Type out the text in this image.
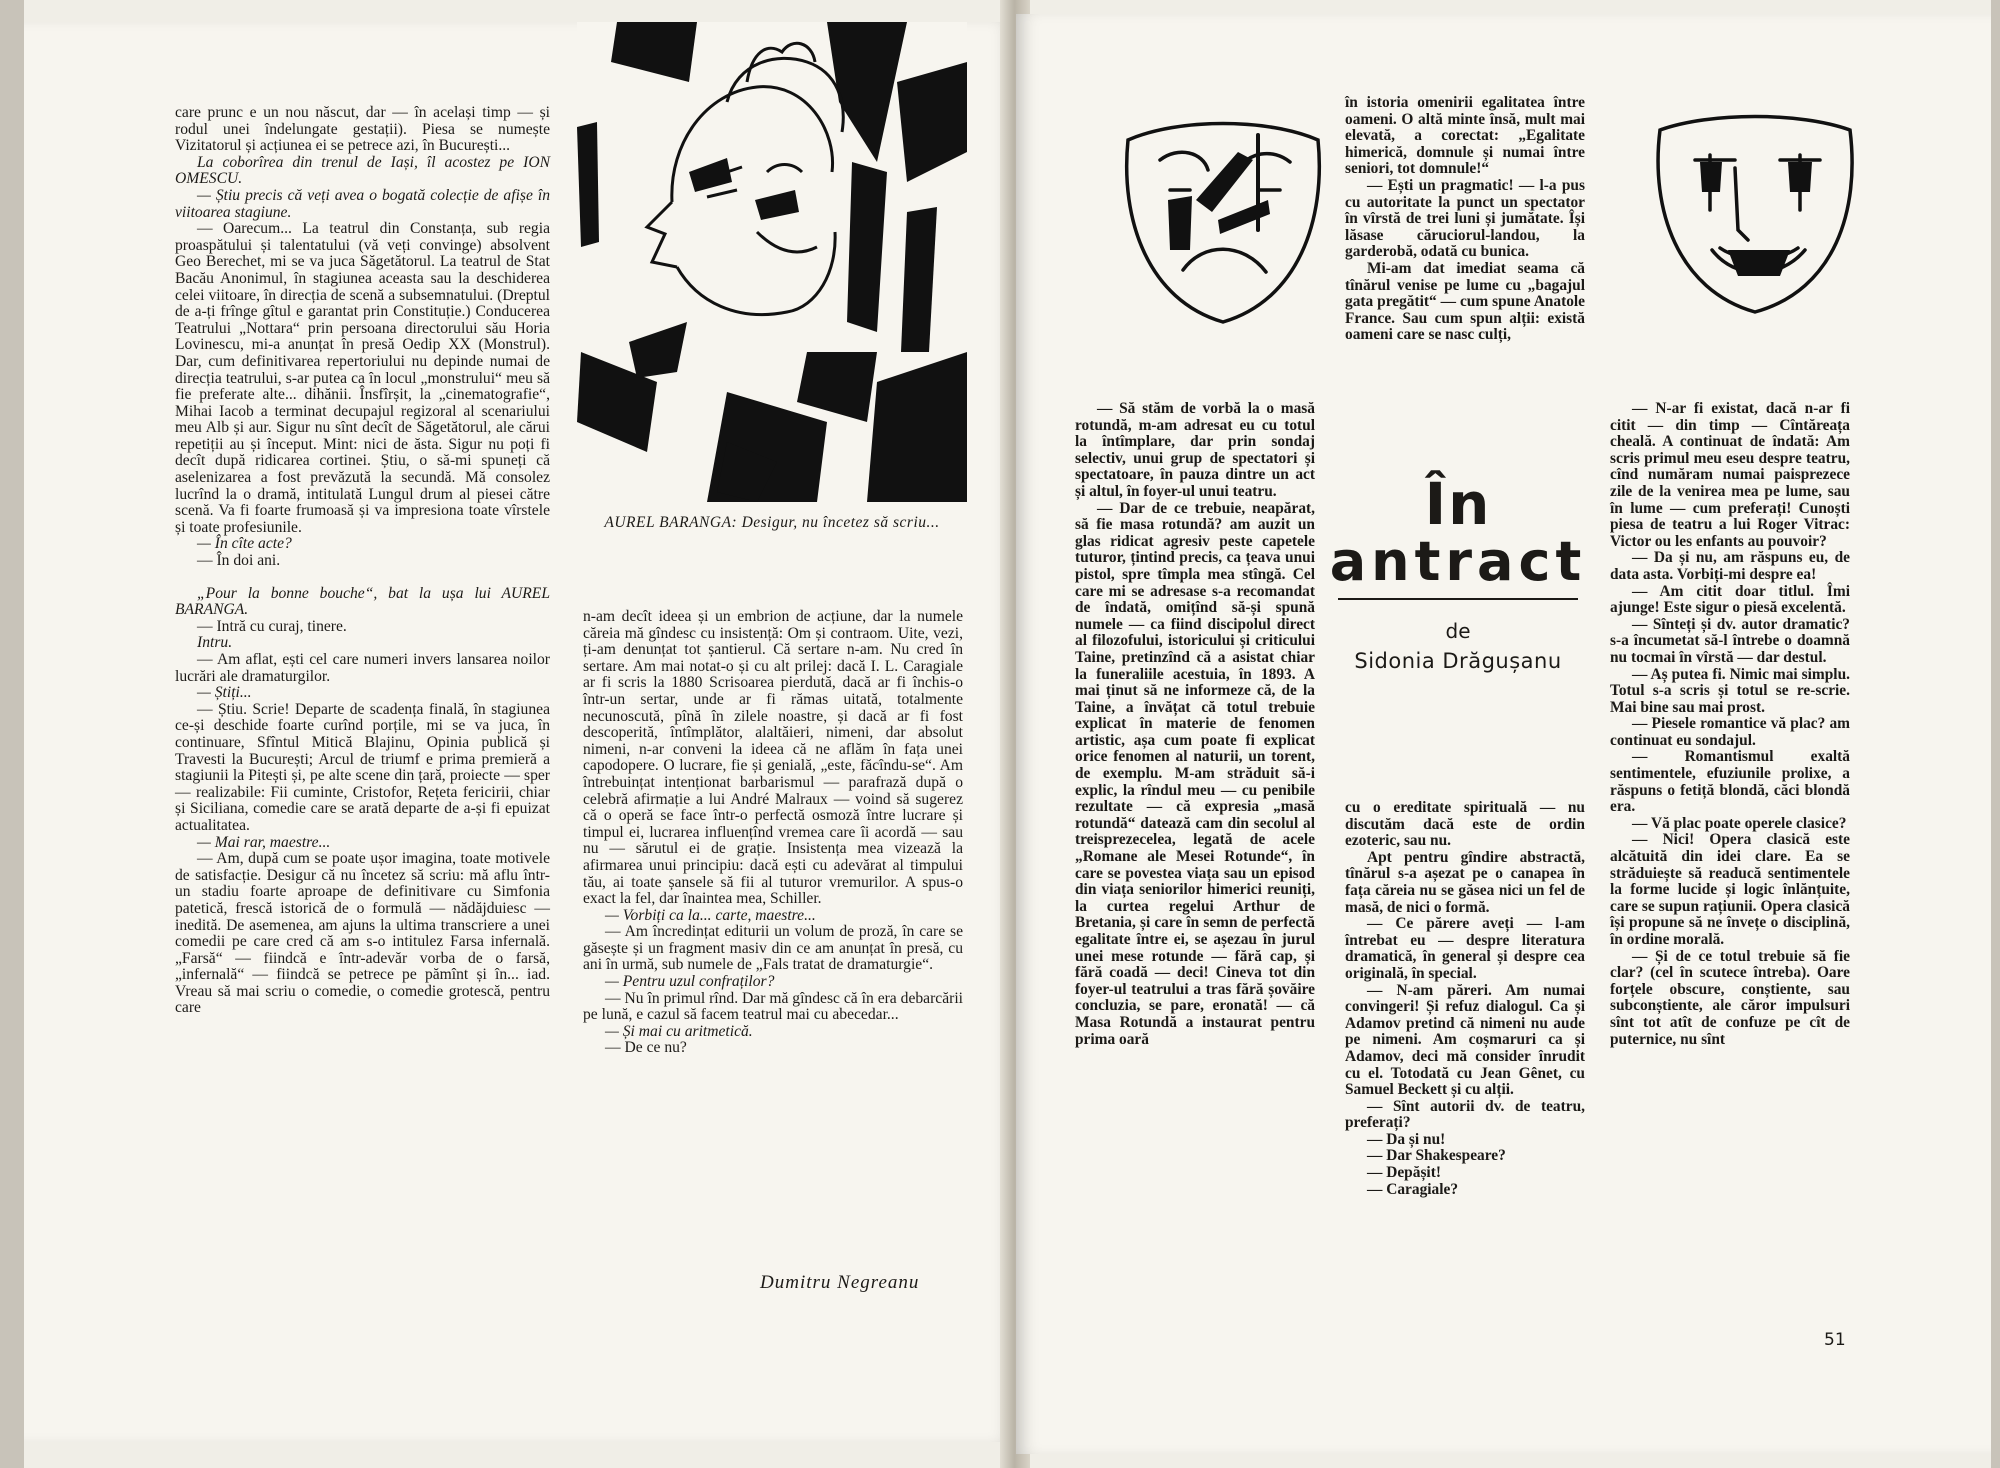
care prunc e un nou născut, dar — în același timp — și rodul unei îndelungate gestații). Piesa se numește Vizitatorul și acțiunea ei se petrece azi, în București...

La coborîrea din trenul de Iași, îl acostez pe ION OMESCU.

— Știu precis că veți avea o bogată colecție de afișe în viitoarea stagiune.

— Oarecum... La teatrul din Constanța, sub regia proaspătului și talentatului (vă veți convinge) absolvent Geo Berechet, mi se va juca Săgetătorul. La teatrul de Stat Bacău Anonimul, în stagiunea aceasta sau la deschiderea celei viitoare, în direcția de scenă a subsemnatului. (Dreptul de a-ți frînge gîtul e garantat prin Constituție.) Conducerea Teatrului „Nottara“ prin persoana directorului său Horia Lovinescu, mi-a anunțat în presă Oedip XX (Monstrul). Dar, cum definitivarea repertoriului nu depinde numai de direcția teatrului, s-ar putea ca în locul „monstrului“ meu să fie preferate alte... dihănii. Însfîrșit, la „cinematografie“, Mihai Iacob a terminat decupajul regizoral al scenariului meu Alb și aur. Sigur nu sînt decît de Săgetătorul, ale cărui repetiții au și început. Mint: nici de ăsta. Sigur nu poți fi decît după ridicarea cortinei. Știu, o să-mi spuneți că aselenizarea a fost prevăzută la secundă. Mă consolez lucrînd la o dramă, intitulată Lungul drum al piesei către scenă. Va fi foarte frumoasă și va impresiona toate vîrstele și toate profesiunile.

— În cîte acte?

— În doi ani.

„Pour la bonne bouche“, bat la ușa lui AUREL BARANGA.

— Intră cu curaj, tinere.

Intru.

— Am aflat, ești cel care numeri invers lansarea noilor lucrări ale dramaturgilor.

— Știți...

— Știu. Scrie! Departe de scadența finală, în stagiunea ce-și deschide foarte curînd porțile, mi se va juca, în continuare, Sfîntul Mitică Blajinu, Opinia publică și Travesti la București; Arcul de triumf e prima premieră a stagiunii la Pitești și, pe alte scene din țară, proiecte — sper — realizabile: Fii cuminte, Cristofor, Rețeta fericirii, chiar și Siciliana, comedie care se arată departe de a-și fi epuizat actualitatea.

— Mai rar, maestre...

— Am, după cum se poate ușor imagina, toate motivele de satisfacție. Desigur că nu încetez să scriu: mă aflu într-un stadiu foarte aproape de definitivare cu Simfonia patetică, frescă istorică de o formulă — nădăjduiesc — inedită. De asemenea, am ajuns la ultima transcriere a unei comedii pe care cred că am s-o intitulez Farsa infernală. „Farsă“ — fiindcă e într-adevăr vorba de o farsă, „infernală“ — fiindcă se petrece pe pămînt și în... iad. Vreau să mai scriu o comedie, o comedie grotescă, pentru care

AUREL BARANGA: Desigur, nu încetez să scriu...

n-am decît ideea și un embrion de acțiune, dar la numele căreia mă gîndesc cu insistență: Om și contraom. Uite, vezi, ți-am denunțat tot șantierul. Că sertare n-am. Nu cred în sertare. Am mai notat-o și cu alt prilej: dacă I. L. Caragiale ar fi scris la 1880 Scrisoarea pierdută, dacă ar fi închis-o într-un sertar, unde ar fi rămas uitată, totalmente necunoscută, pînă în zilele noastre, și dacă ar fi fost descoperită, întîmplător, alaltăieri, nimeni, dar absolut nimeni, n-ar conveni la ideea că ne aflăm în fața unei capodopere. O lucrare, fie și genială, „este, făcîndu-se“. Am întrebuințat intenționat barbarismul — parafrază după o celebră afirmație a lui André Malraux — voind să sugerez că o operă se face într-o perfectă osmoză între lucrare și timpul ei, lucrarea influențînd vremea care îi acordă — sau nu — sărutul ei de grație. Insistența mea vizează la afirmarea unui principiu: dacă ești cu adevărat al timpului tău, ai toate șansele să fii al tuturor vremurilor. A spus-o exact la fel, dar înaintea mea, Schiller.

— Vorbiți ca la... carte, maestre...

— Am încredințat editurii un volum de proză, în care se găsește și un fragment masiv din ce am anunțat în presă, cu ani în urmă, sub numele de „Fals tratat de dramaturgie“.

— Pentru uzul confraților?

— Nu în primul rînd. Dar mă gîndesc că în era debarcării pe lună, e cazul să facem teatrul mai cu abecedar...

— Și mai cu aritmetică.

— De ce nu?

Dumitru Negreanu

în istoria omenirii egalitatea între oameni. O altă minte însă, mult mai elevată, a corectat: „Egalitate himerică, domnule și numai între seniori, tot domnule!“

— Ești un pragmatic! — l-a pus cu autoritate la punct un spectator în vîrstă de trei luni și jumătate. Își lăsase căruciorul-landou, la garderobă, odată cu bunica.

Mi-am dat imediat seama că tînărul venise pe lume cu „bagajul gata pregătit“ — cum spune Anatole France. Sau cum spun alții: există oameni care se nasc culți,

— Să stăm de vorbă la o masă rotundă, m-am adresat eu cu totul la întîmplare, dar prin sondaj selectiv, unui grup de spectatori și spectatoare, în pauza dintre un act și altul, în foyer-ul unui teatru.

— Dar de ce trebuie, neapărat, să fie masa rotundă? am auzit un glas ridicat agresiv peste capetele tuturor, țintind precis, ca țeava unui pistol, spre tîmpla mea stîngă. Cel care mi se adresase s-a recomandat de îndată, omițînd să-și spună numele — ca fiind discipolul direct al filozofului, istoricului și criticului Taine, pretinzînd că a asistat chiar la funeraliile acestuia, în 1893. A mai ținut să ne informeze că, de la Taine, a învățat că totul trebuie explicat în materie de fenomen artistic, așa cum poate fi explicat orice fenomen al naturii, un torent, de exemplu. M-am străduit să-i explic, la rîndul meu — cu penibile rezultate — că expresia „masă rotundă“ datează cam din secolul al treisprezecelea, legată de acele „Romane ale Mesei Rotunde“, în care se povestea viața sau un episod din viața seniorilor himerici reuniți, la curtea regelui Arthur de Bretania, și care în semn de perfectă egalitate între ei, se așezau în jurul unei mese rotunde — fără cap, și fără coadă — deci! Cineva tot din foyer-ul teatrului a tras fără șovăire concluzia, se pare, eronată! — că Masa Rotundă a instaurat pentru prima oară

În
antract
de
Sidonia Drăgușanu

cu o ereditate spirituală — nu discutăm dacă este de ordin ezoteric, sau nu.

Apt pentru gîndire abstractă, tînărul s-a așezat pe o canapea în fața căreia nu se găsea nici un fel de masă, de nici o formă.

— Ce părere aveți — l-am întrebat eu — despre literatura dramatică, în general și despre cea originală, în special.

— N-am păreri. Am numai convingeri! Și refuz dialogul. Ca și Adamov pretind că nimeni nu aude pe nimeni. Am coșmaruri ca și Adamov, deci mă consider înrudit cu el. Totodată cu Jean Gênet, cu Samuel Beckett și cu alții.

— Sînt autorii dv. de teatru, preferați?

— Da și nu!

— Dar Shakespeare?

— Depășit!

— Caragiale?

— N-ar fi existat, dacă n-ar fi citit — din timp — Cîntăreața cheală. A continuat de îndată: Am scris primul meu eseu despre teatru, cînd număram numai paisprezece zile de la venirea mea pe lume, sau în lume — cum preferați! Cunoști piesa de teatru a lui Roger Vitrac: Victor ou les enfants au pouvoir?

— Da și nu, am răspuns eu, de data asta. Vorbiți-mi despre ea!

— Am citit doar titlul. Îmi ajunge! Este sigur o piesă excelentă.

— Sînteți și dv. autor dramatic? s-a încumetat să-l întrebe o doamnă nu tocmai în vîrstă — dar destul.

— Aș putea fi. Nimic mai simplu. Totul s-a scris și totul se re-scrie. Mai bine sau mai prost.

— Piesele romantice vă plac? am continuat eu sondajul.

— Romantismul exaltă sentimentele, efuziunile prolixe, a răspuns o fetiță blondă, căci blondă era.

— Vă plac poate operele clasice?

— Nici! Opera clasică este alcătuită din idei clare. Ea se străduiește să readucă sentimentele la forme lucide și logic înlănțuite, care se supun rațiunii. Opera clasică își propune să ne învețe o disciplină, în ordine morală.

— Și de ce totul trebuie să fie clar? (cel în scutece întreba). Oare forțele obscure, conștiente, sau subconștiente, ale căror impulsuri sînt tot atît de confuze pe cît de puternice, nu sînt

51
